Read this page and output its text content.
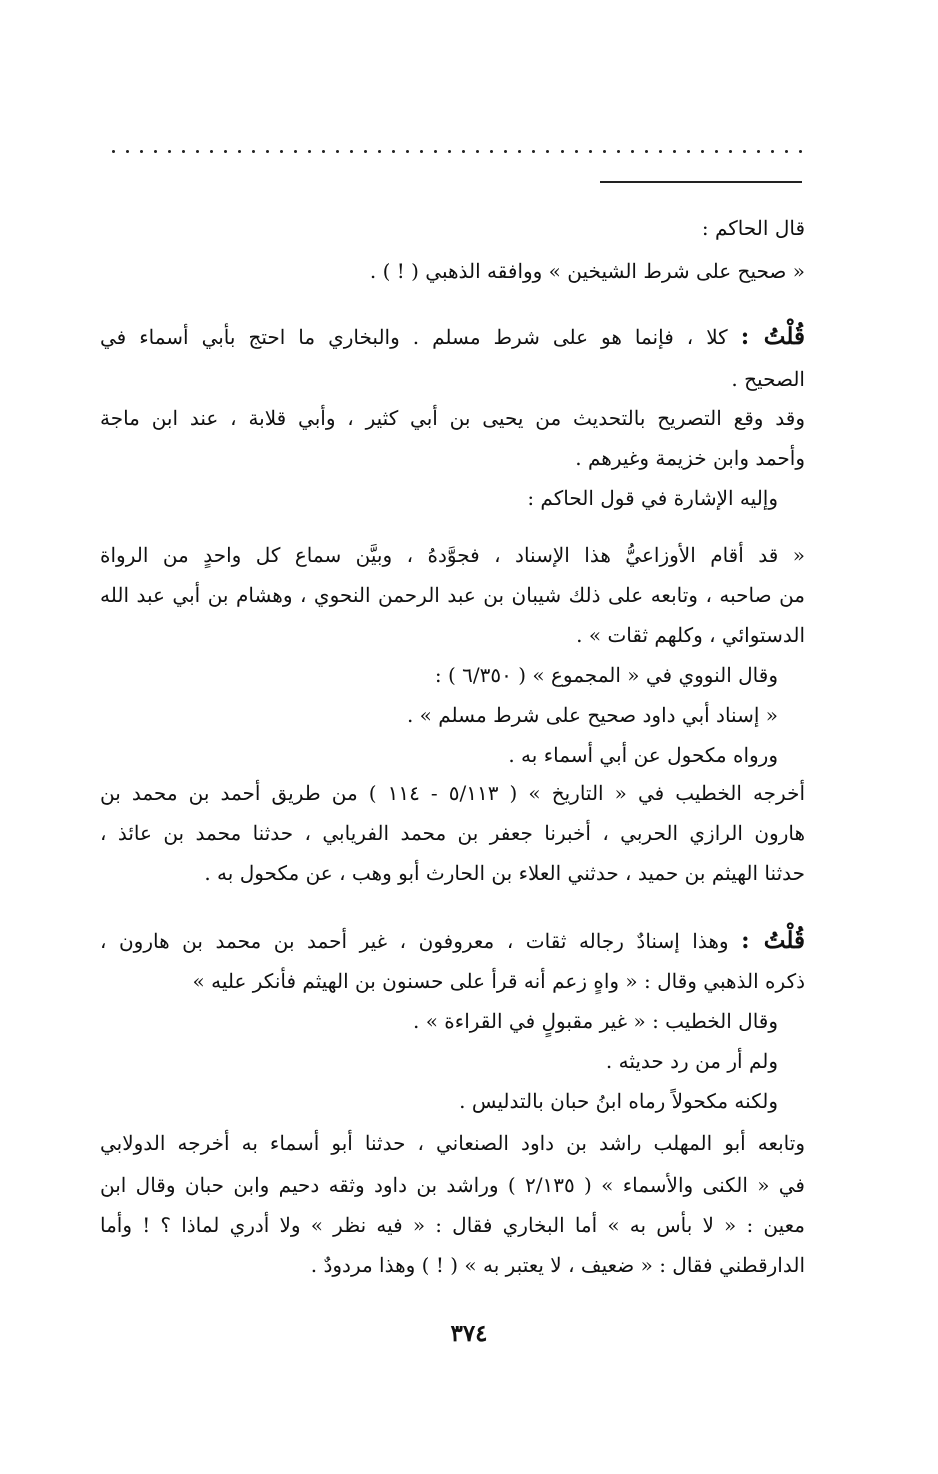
قال الحاكم :
« صحيح على شرط الشيخين » ووافقه الذهبي ( ! ) .
قُلْتُ : كلا ، فإنما هو على شرط مسلم . والبخاري ما احتج بأبي أسماء في
الصحيح .
وقد وقع التصريح بالتحديث من يحيى بن أبي كثير ، وأبي قلابة ، عند ابن ماجة
وأحمد وابن خزيمة وغيرهم .
وإليه الإشارة في قول الحاكم :
« قد أقام الأوزاعيُّ هذا الإسناد ، فجوَّدهُ ، وبيَّن سماع كل واحدٍ من الرواة
من صاحبه ، وتابعه على ذلك شيبان بن عبد الرحمن النحوي ، وهشام بن أبي عبد الله
الدستوائي ، وكلهم ثقات » .
وقال النووي في « المجموع » ( ٦/٣٥٠ ) :
« إسناد أبي داود صحيح على شرط مسلم » .
ورواه مكحول عن أبي أسماء به .
أخرجه الخطيب في « التاريخ » ( ٥/١١٣ - ١١٤ ) من طريق أحمد بن محمد بن
هارون الرازي الحربي ، أخبرنا جعفر بن محمد الفريابي ، حدثنا محمد بن عائذ ،
حدثنا الهيثم بن حميد ، حدثني العلاء بن الحارث أبو وهب ، عن مكحول به .
قُلْتُ : وهذا إسنادٌ رجاله ثقات ، معروفون ، غير أحمد بن محمد بن هارون ،
ذكره الذهبي وقال : « واهٍ زعم أنه قرأ على حسنون بن الهيثم فأنكر عليه »
وقال الخطيب : « غير مقبولٍ في القراءة » .
ولم أر من رد حديثه .
ولكنه مكحولاً رماه ابنُ حبان بالتدليس .
وتابعه أبو المهلب راشد بن داود الصنعاني ، حدثنا أبو أسماء به أخرجه الدولابي
في « الكنى والأسماء » ( ٢/١٣٥ ) وراشد بن داود وثقه دحيم وابن حبان وقال ابن
معين : « لا بأس به » أما البخاري فقال : « فيه نظر » ولا أدري لماذا ؟ ! وأما
الدارقطني فقال : « ضعيف ، لا يعتبر به » ( ! ) وهذا مردودٌ .
٣٧٤
